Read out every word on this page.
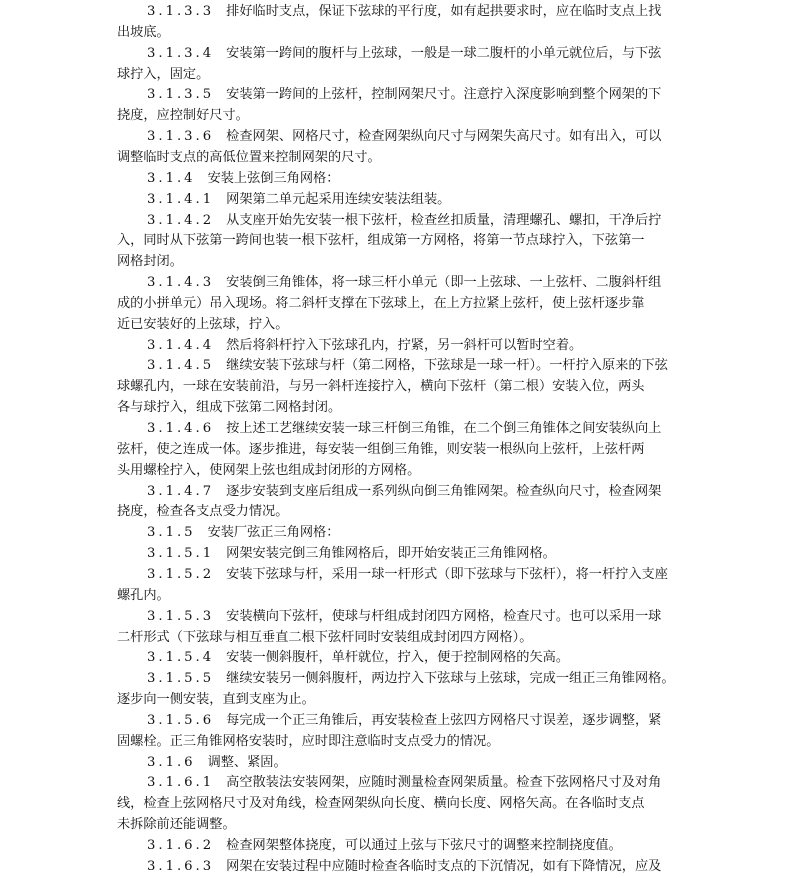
3.1.3.3 排好临时支点，保证下弦球的平行度，如有起拱要求时，应在临时支点上找
出坡底。
3.1.3.4 安装第一跨间的腹杆与上弦球，一般是一球二腹杆的小单元就位后，与下弦
球拧入，固定。
3.1.3.5 安装第一跨间的上弦杆，控制网架尺寸。注意拧入深度影响到整个网架的下
挠度，应控制好尺寸。
3.1.3.6 检查网架、网格尺寸，检查网架纵向尺寸与网架失高尺寸。如有出入，可以
调整临时支点的高低位置来控制网架的尺寸。
3.1.4 安装上弦倒三角网格：
3.1.4.1 网架第二单元起采用连续安装法组装。
3.1.4.2 从支座开始先安装一根下弦杆，检查丝扣质量，清理螺孔、螺扣，干净后拧
入，同时从下弦第一跨间也装一根下弦杆，组成第一方网格，将第一节点球拧入，下弦第一
网格封闭。
3.1.4.3 安装倒三角锥体，将一球三杆小单元（即一上弦球、一上弦杆、二腹斜杆组
成的小拼单元）吊入现场。将二斜杆支撑在下弦球上，在上方拉紧上弦杆，使上弦杆逐步靠
近已安装好的上弦球，拧入。
3.1.4.4 然后将斜杆拧入下弦球孔内，拧紧，另一斜杆可以暂时空着。
3.1.4.5 继续安装下弦球与杆（第二网格，下弦球是一球一杆）。一杆拧入原来的下弦
球螺孔内，一球在安装前沿，与另一斜杆连接拧入，横向下弦杆（第二根）安装入位，两头
各与球拧入，组成下弦第二网格封闭。
3.1.4.6 按上述工艺继续安装一球三杆倒三角锥，在二个倒三角锥体之间安装纵向上
弦杆，使之连成一体。逐步推进，每安装一组倒三角锥，则安装一根纵向上弦杆，上弦杆两
头用螺栓拧入，使网架上弦也组成封闭形的方网格。
3.1.4.7 逐步安装到支座后组成一系列纵向倒三角锥网架。检查纵向尺寸，检查网架
挠度，检查各支点受力情况。
3.1.5 安装厂弦正三角网格：
3.1.5.1 网架安装完倒三角锥网格后，即开始安装正三角锥网格。
3.1.5.2 安装下弦球与杆，采用一球一杆形式（即下弦球与下弦杆），将一杆拧入支座
螺孔内。
3.1.5.3 安装横向下弦杆，使球与杆组成封闭四方网格，检查尺寸。也可以采用一球
二杆形式（下弦球与相互垂直二根下弦杆同时安装组成封闭四方网格）。
3.1.5.4 安装一侧斜腹杆，单杆就位，拧入，便于控制网格的矢高。
3.1.5.5 继续安装另一侧斜腹杆，两边拧入下弦球与上弦球，完成一组正三角锥网格。
逐步向一侧安装，直到支座为止。
3.1.5.6 每完成一个正三角锥后，再安装检查上弦四方网格尺寸误差，逐步调整，紧
固螺栓。正三角锥网格安装时，应时即注意临时支点受力的情况。
3.1.6 调整、紧固。
3.1.6.1 高空散装法安装网架，应随时测量检查网架质量。检查下弦网格尺寸及对角
线，检查上弦网格尺寸及对角线，检查网架纵向长度、横向长度、网格矢高。在各临时支点
未拆除前还能调整。
3.1.6.2 检查网架整体挠度，可以通过上弦与下弦尺寸的调整来控制挠度值。
3.1.6.3 网架在安装过程中应随时检查各临时支点的下沉情况，如有下降情况，应及
